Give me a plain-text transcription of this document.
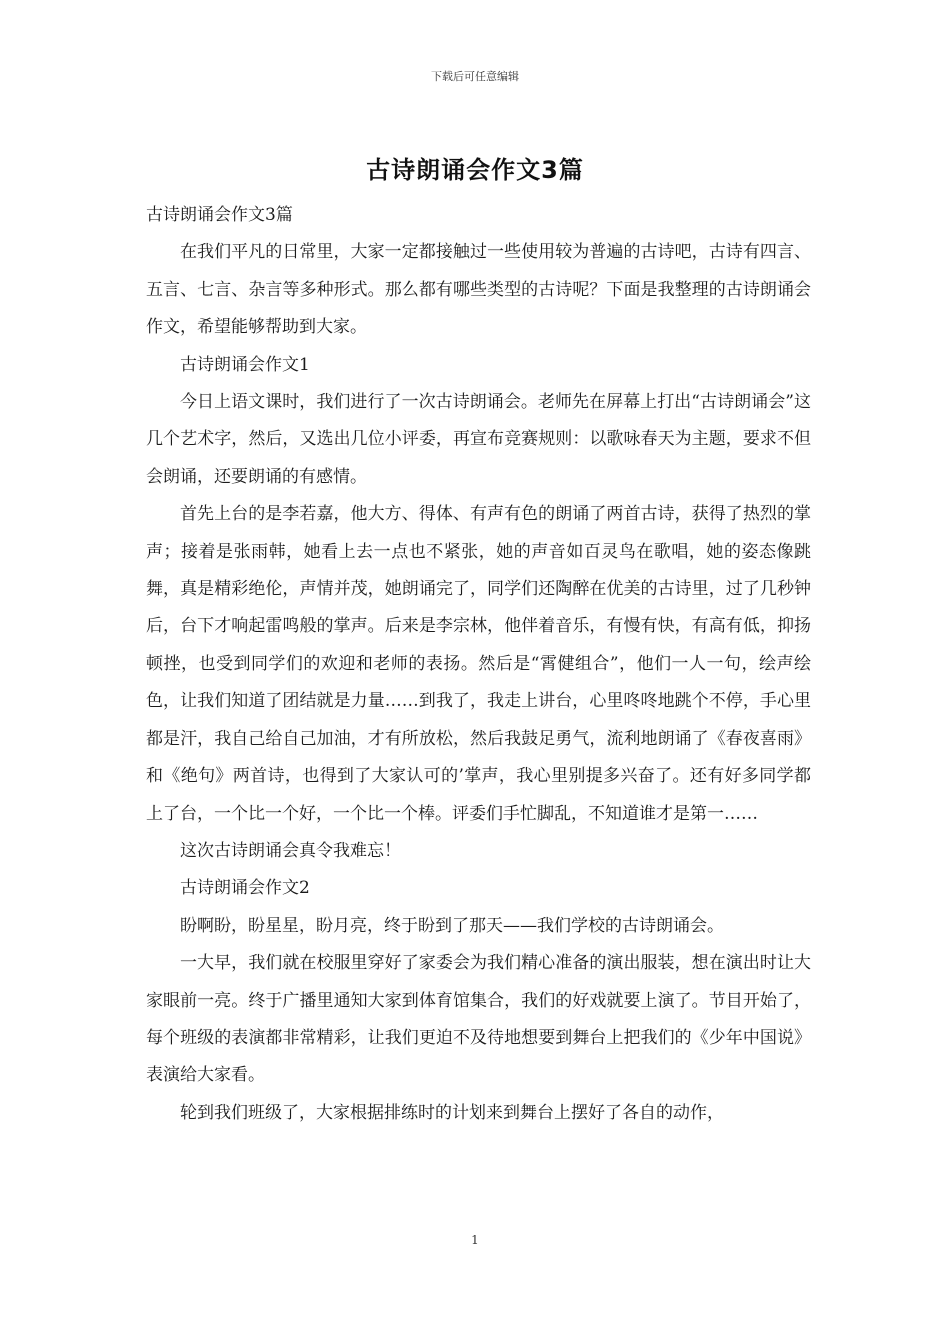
下载后可任意编辑
古诗朗诵会作文3篇

古诗朗诵会作文3篇

在我们平凡的日常里，大家一定都接触过一些使用较为普遍的古诗吧，古诗有四言、五言、七言、杂言等多种形式。那么都有哪些类型的古诗呢？下面是我整理的古诗朗诵会作文，希望能够帮助到大家。

古诗朗诵会作文1

今日上语文课时，我们进行了一次古诗朗诵会。老师先在屏幕上打出“古诗朗诵会”这几个艺术字，然后，又选出几位小评委，再宣布竞赛规则：以歌咏春天为主题，要求不但会朗诵，还要朗诵的有感情。

首先上台的是李若嘉，他大方、得体、有声有色的朗诵了两首古诗，获得了热烈的掌声；接着是张雨韩，她看上去一点也不紧张，她的声音如百灵鸟在歌唱，她的姿态像跳舞，真是精彩绝伦，声情并茂，她朗诵完了，同学们还陶醉在优美的古诗里，过了几秒钟后，台下才响起雷鸣般的掌声。后来是李宗林，他伴着音乐，有慢有快，有高有低，抑扬顿挫，也受到同学们的欢迎和老师的表扬。然后是“霄健组合”，他们一人一句，绘声绘色，让我们知道了团结就是力量……到我了，我走上讲台，心里咚咚地跳个不停，手心里都是汗，我自己给自己加油，才有所放松，然后我鼓足勇气，流利地朗诵了《春夜喜雨》和《绝句》两首诗，也得到了大家认可的’掌声，我心里别提多兴奋了。还有好多同学都上了台，一个比一个好，一个比一个棒。评委们手忙脚乱，不知道谁才是第一……

这次古诗朗诵会真令我难忘！

古诗朗诵会作文2

盼啊盼，盼星星，盼月亮，终于盼到了那天——我们学校的古诗朗诵会。

一大早，我们就在校服里穿好了家委会为我们精心准备的演出服装，想在演出时让大家眼前一亮。终于广播里通知大家到体育馆集合，我们的好戏就要上演了。节目开始了，每个班级的表演都非常精彩，让我们更迫不及待地想要到舞台上把我们的《少年中国说》表演给大家看。

轮到我们班级了，大家根据排练时的计划来到舞台上摆好了各自的动作，

1
